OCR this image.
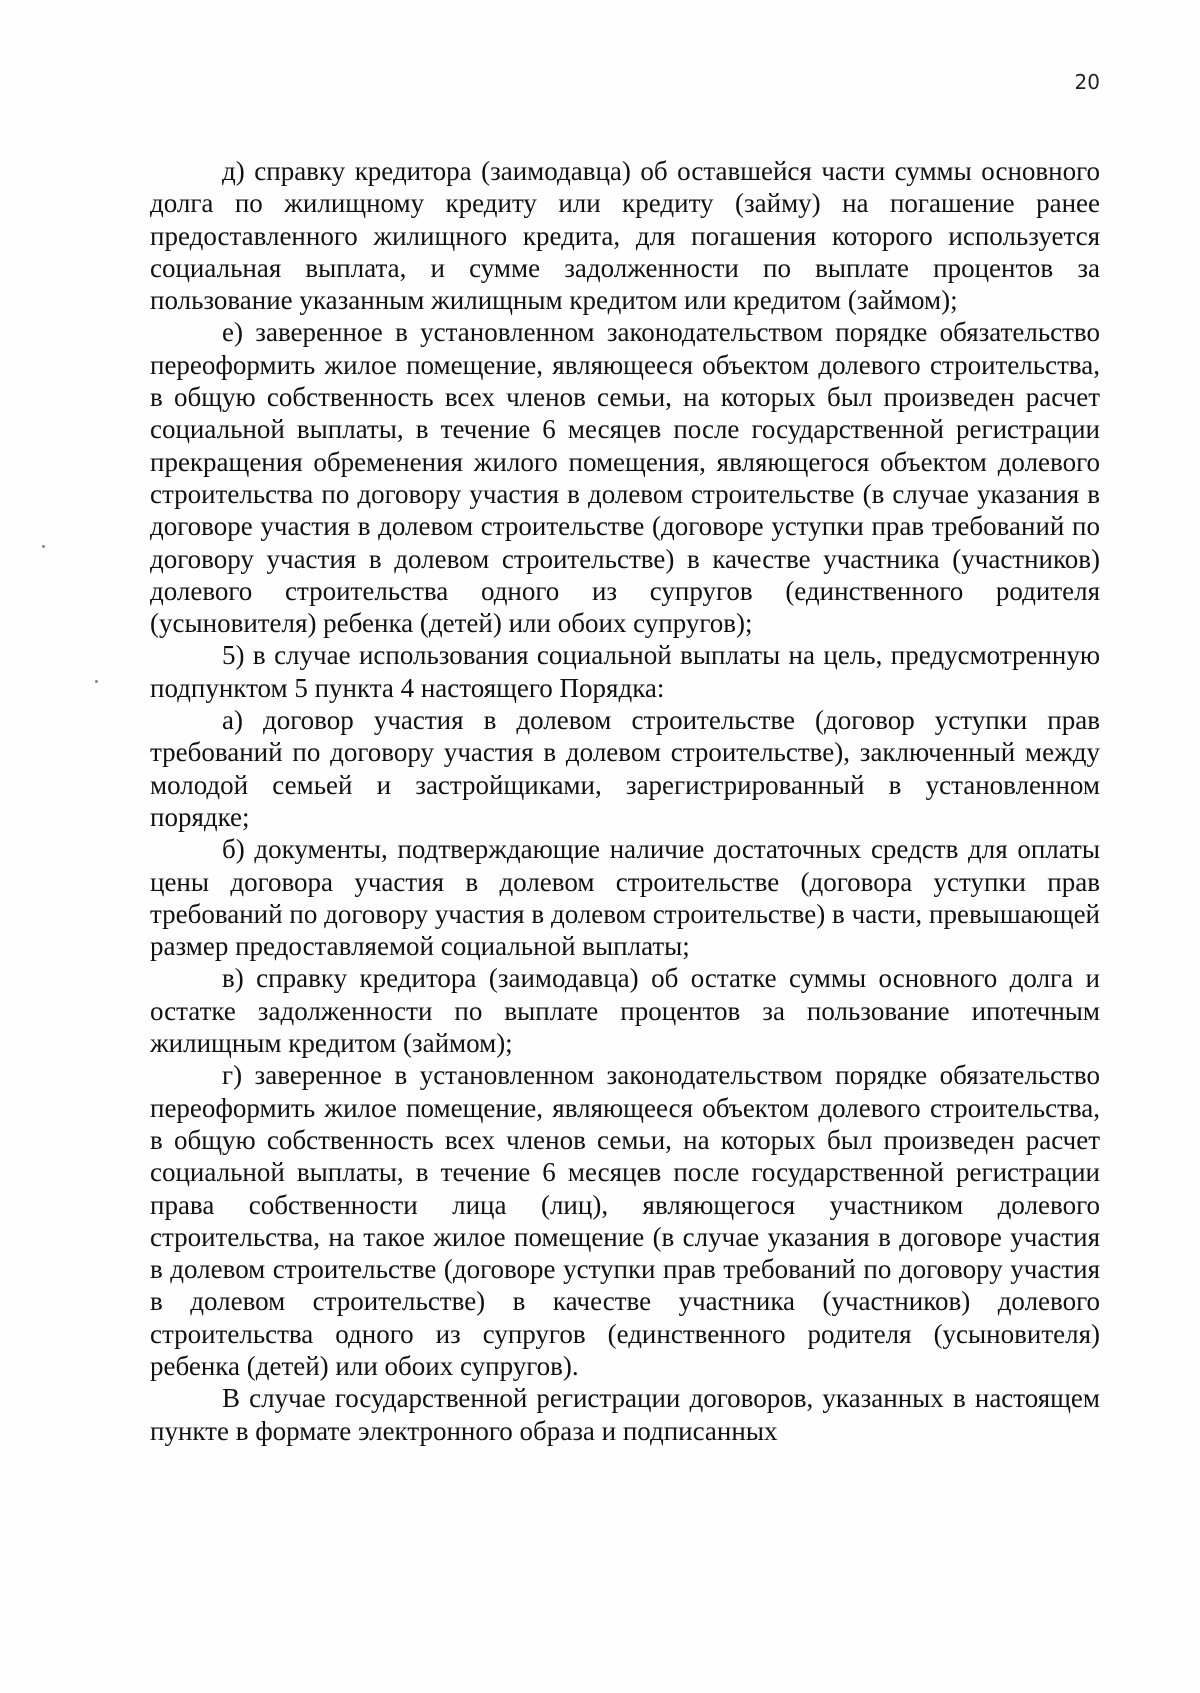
20

д) справку кредитора (заимодавца) об оставшейся части суммы основного долга по жилищному кредиту или кредиту (займу) на погашение ранее предоставленного жилищного кредита, для погашения которого используется социальная выплата, и сумме задолженности по выплате процентов за пользование указанным жилищным кредитом или кредитом (займом);

е) заверенное в установленном законодательством порядке обязательство переоформить жилое помещение, являющееся объектом долевого строительства, в общую собственность всех членов семьи, на которых был произведен расчет социальной выплаты, в течение 6 месяцев после государственной регистрации прекращения обременения жилого помещения, являющегося объектом долевого строительства по договору участия в долевом строительстве (в случае указания в договоре участия в долевом строительстве (договоре уступки прав требований по договору участия в долевом строительстве) в качестве участника (участников) долевого строительства одного из супругов (единственного родителя (усыновителя) ребенка (детей) или обоих супругов);

5) в случае использования социальной выплаты на цель, предусмотренную подпунктом 5 пункта 4 настоящего Порядка:

а) договор участия в долевом строительстве (договор уступки прав требований по договору участия в долевом строительстве), заключенный между молодой семьей и застройщиками, зарегистрированный в установленном порядке;

б) документы, подтверждающие наличие достаточных средств для оплаты цены договора участия в долевом строительстве (договора уступки прав требований по договору участия в долевом строительстве) в части, превышающей размер предоставляемой социальной выплаты;

в) справку кредитора (заимодавца) об остатке суммы основного долга и остатке задолженности по выплате процентов за пользование ипотечным жилищным кредитом (займом);

г) заверенное в установленном законодательством порядке обязательство переоформить жилое помещение, являющееся объектом долевого строительства, в общую собственность всех членов семьи, на которых был произведен расчет социальной выплаты, в течение 6 месяцев после государственной регистрации права собственности лица (лиц), являющегося участником долевого строительства, на такое жилое помещение (в случае указания в договоре участия в долевом строительстве (договоре уступки прав требований по договору участия в долевом строительстве) в качестве участника (участников) долевого строительства одного из супругов (единственного родителя (усыновителя) ребенка (детей) или обоих супругов).

В случае государственной регистрации договоров, указанных в настоящем пункте в формате электронного образа и подписанных
